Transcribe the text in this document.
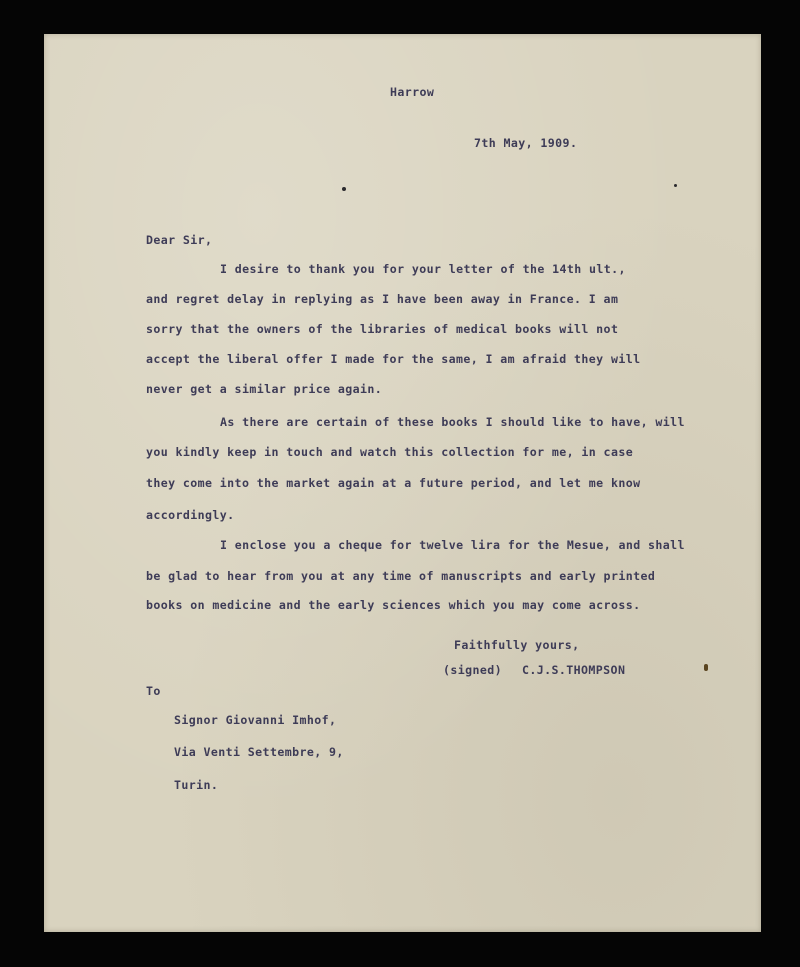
Harrow
7th May, 1909.
Dear Sir,
I desire to thank you for your letter of the 14th ult.,
and regret delay in replying as I have been away in France. I am
sorry that the owners of the libraries of medical books will not
accept the liberal offer I made for the same, I am afraid they will
never get a similar price again.
As there are certain of these books I should like to have, will
you kindly keep in touch and watch this collection for me, in case
they come into the market again at a future period, and let me know
accordingly.
I enclose you a cheque for twelve lira for the Mesue, and shall
be glad to hear from you at any time of manuscripts and early printed
books on medicine and the early sciences which you may come across.
Faithfully yours,
(signed) C.J.S.THOMPSON
To
Signor Giovanni Imhof,
Via Venti Settembre, 9,
Turin.
